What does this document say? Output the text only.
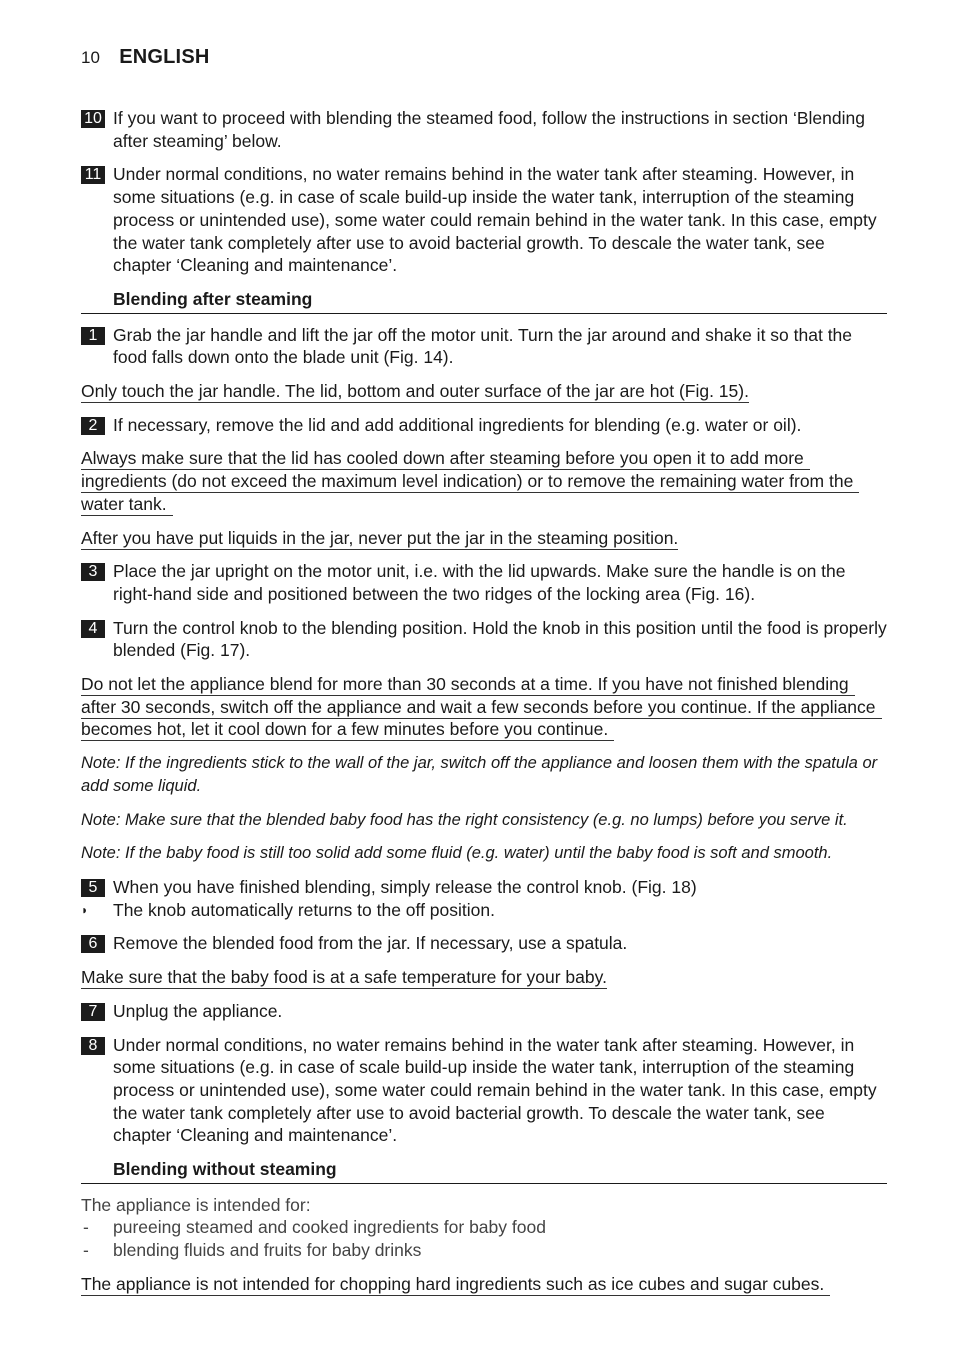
10 ENGLISH
10 If you want to proceed with blending the steamed food, follow the instructions in section ‘Blending after steaming’ below.
11 Under normal conditions, no water remains behind in the water tank after steaming. However, in some situations (e.g. in case of scale build-up inside the water tank, interruption of the steaming process or unintended use), some water could remain behind in the water tank. In this case, empty the water tank completely after use to avoid bacterial growth. To descale the water tank, see chapter ‘Cleaning and maintenance’.
Blending after steaming
1 Grab the jar handle and lift the jar off the motor unit. Turn the jar around and shake it so that the food falls down onto the blade unit (Fig. 14).
Only touch the jar handle. The lid, bottom and outer surface of the jar are hot (Fig. 15).
2 If necessary, remove the lid and add additional ingredients for blending (e.g. water or oil).
Always make sure that the lid has cooled down after steaming before you open it to add more ingredients (do not exceed the maximum level indication) or to remove the remaining water from the water tank.
After you have put liquids in the jar, never put the jar in the steaming position.
3 Place the jar upright on the motor unit, i.e. with the lid upwards. Make sure the handle is on the right-hand side and positioned between the two ridges of the locking area (Fig. 16).
4 Turn the control knob to the blending position. Hold the knob in this position until the food is properly blended (Fig. 17).
Do not let the appliance blend for more than 30 seconds at a time. If you have not finished blending after 30 seconds, switch off the appliance and wait a few seconds before you continue. If the appliance becomes hot, let it cool down for a few minutes before you continue.
Note: If the ingredients stick to the wall of the jar, switch off the appliance and loosen them with the spatula or add some liquid.
Note: Make sure that the blended baby food has the right consistency (e.g. no lumps) before you serve it.
Note: If the baby food is still too solid add some fluid (e.g. water) until the baby food is soft and smooth.
5 When you have finished blending, simply release the control knob. (Fig. 18)
◗ The knob automatically returns to the off position.
6 Remove the blended food from the jar. If necessary, use a spatula.
Make sure that the baby food is at a safe temperature for your baby.
7 Unplug the appliance.
8 Under normal conditions, no water remains behind in the water tank after steaming. However, in some situations (e.g. in case of scale build-up inside the water tank, interruption of the steaming process or unintended use), some water could remain behind in the water tank. In this case, empty the water tank completely after use to avoid bacterial growth. To descale the water tank, see chapter ‘Cleaning and maintenance’.
Blending without steaming
The appliance is intended for:
- pureeing steamed and cooked ingredients for baby food
- blending fluids and fruits for baby drinks
The appliance is not intended for chopping hard ingredients such as ice cubes and sugar cubes.
